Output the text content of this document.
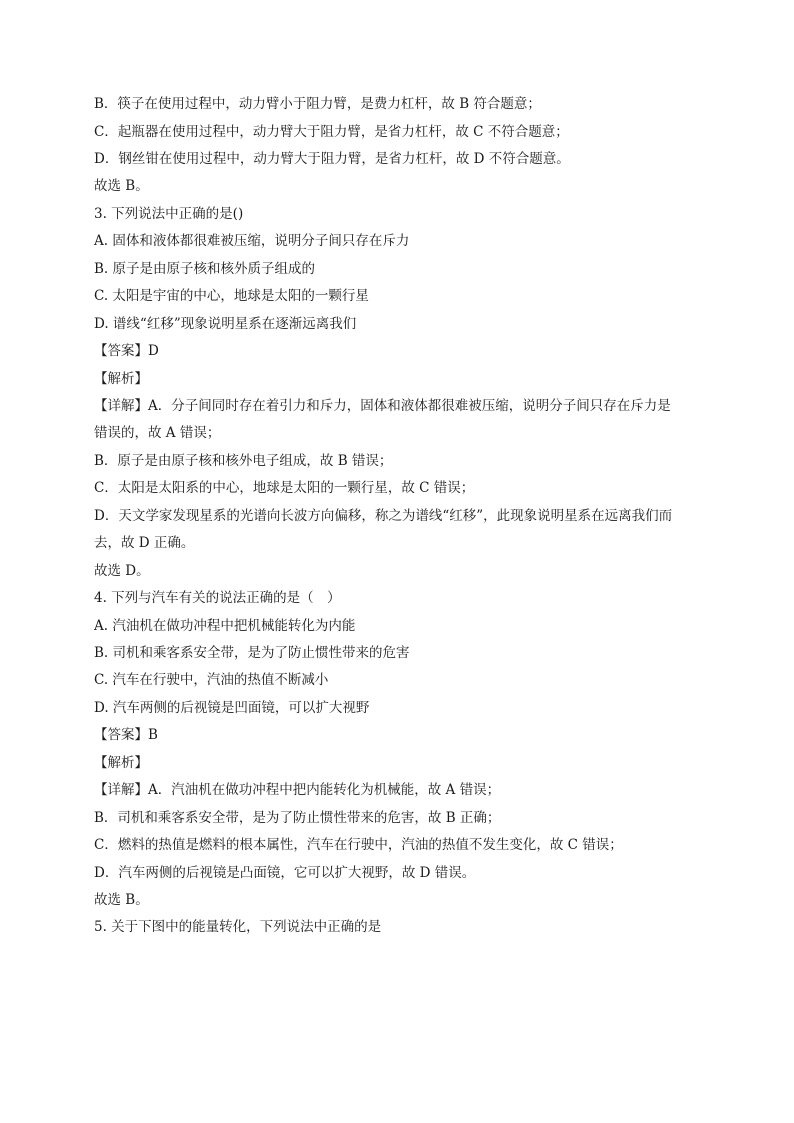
B．筷子在使用过程中，动力臂小于阻力臂，是费力杠杆，故 B 符合题意；
C．起瓶器在使用过程中，动力臂大于阻力臂，是省力杠杆，故 C 不符合题意；
D．钢丝钳在使用过程中，动力臂大于阻力臂，是省力杠杆，故 D 不符合题意。
故选 B。
3. 下列说法中正确的是()
A. 固体和液体都很难被压缩，说明分子间只存在斥力
B. 原子是由原子核和核外质子组成的
C. 太阳是宇宙的中心，地球是太阳的一颗行星
D. 谱线“红移”现象说明星系在逐渐远离我们
【答案】D
【解析】
【详解】A．分子间同时存在着引力和斥力，固体和液体都很难被压缩，说明分子间只存在斥力是
错误的，故 A 错误；
B．原子是由原子核和核外电子组成，故 B 错误；
C．太阳是太阳系的中心，地球是太阳的一颗行星，故 C 错误；
D．天文学家发现星系的光谱向长波方向偏移，称之为谱线“红移”，此现象说明星系在远离我们而
去，故 D 正确。
故选 D。
4. 下列与汽车有关的说法正确的是（　）
A. 汽油机在做功冲程中把机械能转化为内能
B. 司机和乘客系安全带，是为了防止惯性带来的危害
C. 汽车在行驶中，汽油的热值不断减小
D. 汽车两侧的后视镜是凹面镜，可以扩大视野
【答案】B
【解析】
【详解】A．汽油机在做功冲程中把内能转化为机械能，故 A 错误；
B．司机和乘客系安全带，是为了防止惯性带来的危害，故 B 正确；
C．燃料的热值是燃料的根本属性，汽车在行驶中，汽油的热值不发生变化，故 C 错误；
D．汽车两侧的后视镜是凸面镜，它可以扩大视野，故 D 错误。
故选 B。
5. 关于下图中的能量转化，下列说法中正确的是
